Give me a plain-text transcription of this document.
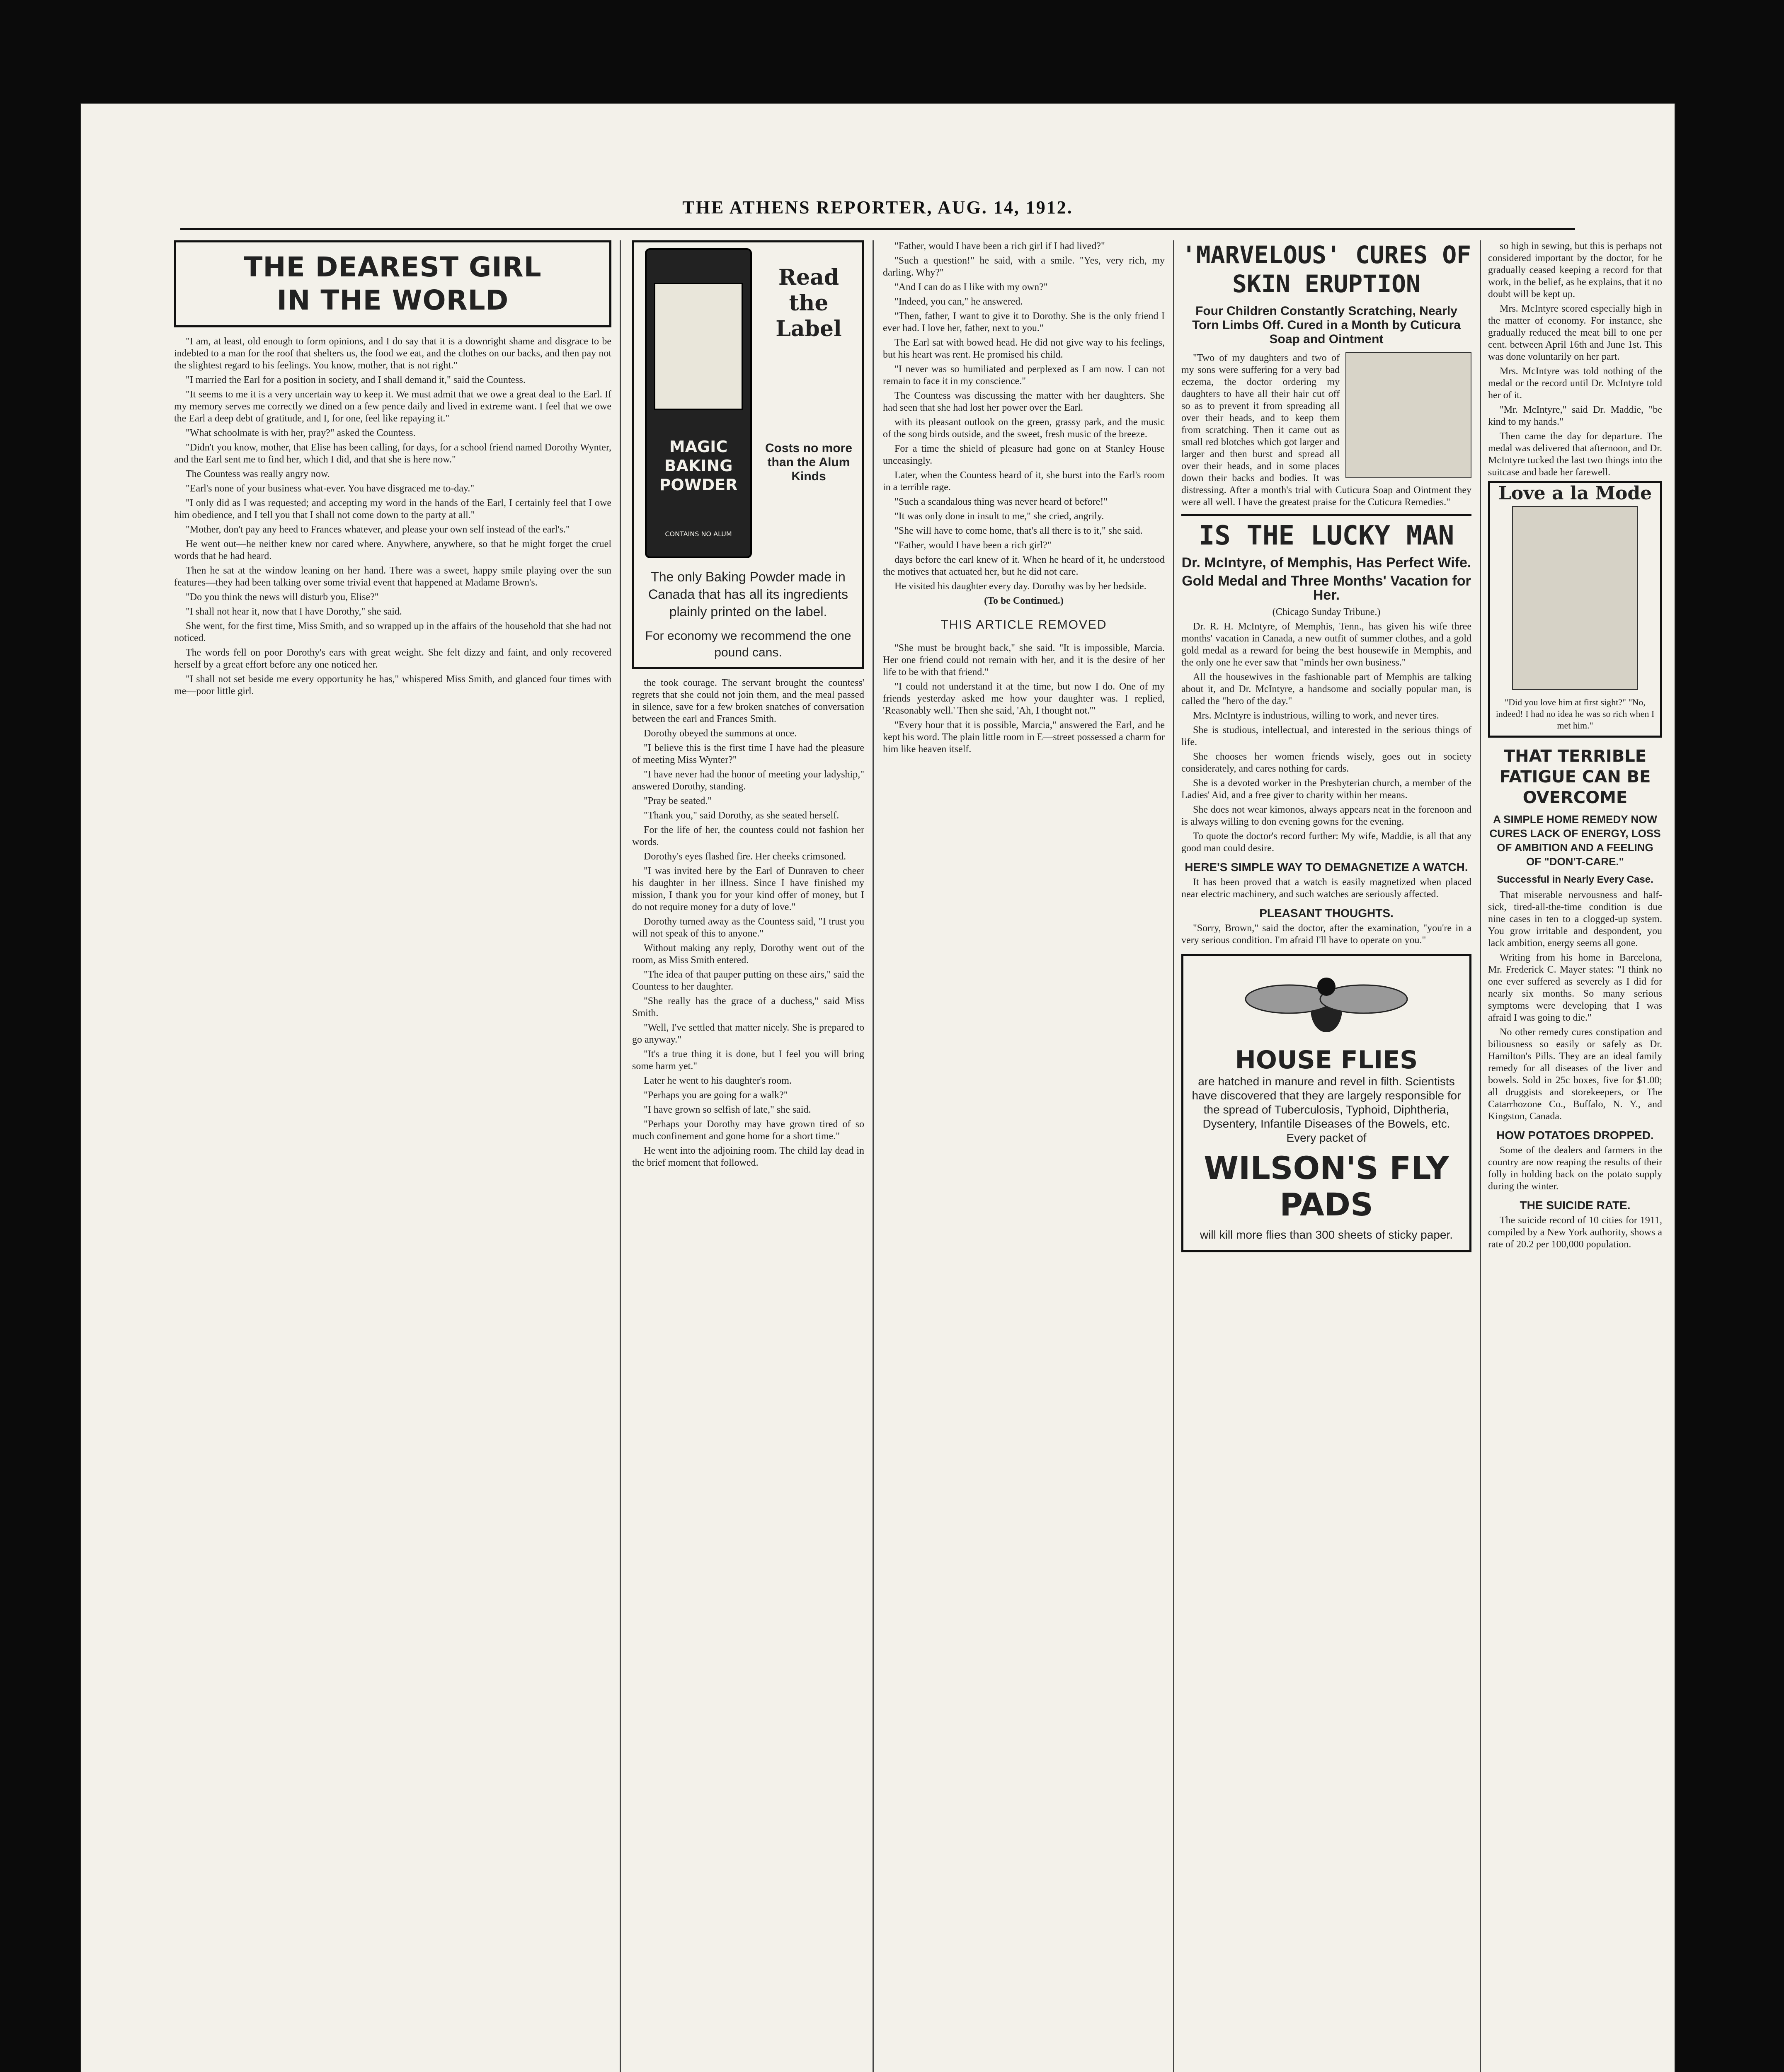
THE ATHENS REPORTER, AUG. 14, 1912.
THE DEAREST GIRL
IN THE WORLD

"I am, at least, old enough to form opinions, and I do say that it is a downright shame and disgrace to be indebted to a man for the roof that shelters us, the food we eat, and the clothes on our backs, and then pay not the slightest regard to his feelings. You know, mother, that is not right."

"I married the Earl for a position in society, and I shall demand it," said the Countess.

"It seems to me it is a very uncertain way to keep it. We must admit that we owe a great deal to the Earl. If my memory serves me correctly we dined on a few pence daily and lived in extreme want. I feel that we owe the Earl a deep debt of gratitude, and I, for one, feel like repaying it."

"What schoolmate is with her, pray?" asked the Countess.

"Didn't you know, mother, that Elise has been calling, for days, for a school friend named Dorothy Wynter, and the Earl sent me to find her, which I did, and that she is here now."

The Countess was really angry now.

"Earl's none of your business what-ever. You have disgraced me to-day."

"I only did as I was requested; and accepting my word in the hands of the Earl, I certainly feel that I owe him obedience, and I tell you that I shall not come down to the party at all."

"Mother, don't pay any heed to Frances whatever, and please your own self instead of the earl's."

He went out—he neither knew nor cared where. Anywhere, anywhere, so that he might forget the cruel words that he had heard.

Then he sat at the window leaning on her hand. There was a sweet, happy smile playing over the sun features—they had been talking over some trivial event that happened at Madame Brown's.

"Do you think the news will disturb you, Elise?"

"I shall not hear it, now that I have Dorothy," she said.

She went, for the first time, Miss Smith, and so wrapped up in the affairs of the household that she had not noticed.

The words fell on poor Dorothy's ears with great weight. She felt dizzy and faint, and only recovered herself by a great effort before any one noticed her.

"I shall not set beside me every opportunity he has," whispered Miss Smith, and glanced four times with me—poor little girl.

MAGIC BAKING POWDER
CONTAINS NO ALUM
Read the Label
Costs no more than the Alum Kinds
The only Baking Powder made in Canada that has all its ingredients plainly printed on the label.
For economy we recommend the one pound cans.

the took courage. The servant brought the countess' regrets that she could not join them, and the meal passed in silence, save for a few broken snatches of conversation between the earl and Frances Smith.

Dorothy obeyed the summons at once.

"I believe this is the first time I have had the pleasure of meeting Miss Wynter?"

"I have never had the honor of meeting your ladyship," answered Dorothy, standing.

"Pray be seated."

"Thank you," said Dorothy, as she seated herself.

For the life of her, the countess could not fashion her words.

Dorothy's eyes flashed fire. Her cheeks crimsoned.

"I was invited here by the Earl of Dunraven to cheer his daughter in her illness. Since I have finished my mission, I thank you for your kind offer of money, but I do not require money for a duty of love."

Dorothy turned away as the Countess said, "I trust you will not speak of this to anyone."

Without making any reply, Dorothy went out of the room, as Miss Smith entered.

"The idea of that pauper putting on these airs," said the Countess to her daughter.

"She really has the grace of a duchess," said Miss Smith.

"Well, I've settled that matter nicely. She is prepared to go anyway."

"It's a true thing it is done, but I feel you will bring some harm yet."

Later he went to his daughter's room.

"Perhaps you are going for a walk?"

"I have grown so selfish of late," she said.

"Perhaps your Dorothy may have grown tired of so much confinement and gone home for a short time."

He went into the adjoining room. The child lay dead in the brief moment that followed.

"Father, would I have been a rich girl if I had lived?"

"Such a question!" he said, with a smile. "Yes, very rich, my darling. Why?"

"And I can do as I like with my own?"

"Indeed, you can," he answered.

"Then, father, I want to give it to Dorothy. She is the only friend I ever had. I love her, father, next to you."

The Earl sat with bowed head. He did not give way to his feelings, but his heart was rent. He promised his child.

"I never was so humiliated and perplexed as I am now. I can not remain to face it in my conscience."

The Countess was discussing the matter with her daughters. She had seen that she had lost her power over the Earl.

with its pleasant outlook on the green, grassy park, and the music of the song birds outside, and the sweet, fresh music of the breeze.

For a time the shield of pleasure had gone on at Stanley House unceasingly.

Later, when the Countess heard of it, she burst into the Earl's room in a terrible rage.

"Such a scandalous thing was never heard of before!"

"It was only done in insult to me," she cried, angrily.

"She will have to come home, that's all there is to it," she said.

"Father, would I have been a rich girl?"

days before the earl knew of it. When he heard of it, he understood the motives that actuated her, but he did not care.

He visited his daughter every day. Dorothy was by her bedside.

(To be Continued.)

THIS ARTICLE REMOVED

"She must be brought back," she said. "It is impossible, Marcia. Her one friend could not remain with her, and it is the desire of her life to be with that friend."

"I could not understand it at the time, but now I do. One of my friends yesterday asked me how your daughter was. I replied, 'Reasonably well.' Then she said, 'Ah, I thought not.'"

"Every hour that it is possible, Marcia," answered the Earl, and he kept his word. The plain little room in E—street possessed a charm for him like heaven itself.

'MARVELOUS' CURES OF SKIN ERUPTION
Four Children Constantly Scratching, Nearly Torn Limbs Off. Cured in a Month by Cuticura Soap and Ointment

"Two of my daughters and two of my sons were suffering for a very bad eczema, the doctor ordering my daughters to have all their hair cut off so as to prevent it from spreading all over their heads, and to keep them from scratching. Then it came out as small red blotches which got larger and larger and then burst and spread all over their heads, and in some places down their backs and bodies. It was distressing. After a month's trial with Cuticura Soap and Ointment they were all well. I have the greatest praise for the Cuticura Remedies."

IS THE LUCKY MAN
Dr. McIntyre, of Memphis, Has Perfect Wife.
Gold Medal and Three Months' Vacation for Her.

(Chicago Sunday Tribune.)

Dr. R. H. McIntyre, of Memphis, Tenn., has given his wife three months' vacation in Canada, a new outfit of summer clothes, and a gold gold medal as a reward for being the best housewife in Memphis, and the only one he ever saw that "minds her own business."

All the housewives in the fashionable part of Memphis are talking about it, and Dr. McIntyre, a handsome and socially popular man, is called the "hero of the day."

Mrs. McIntyre is industrious, willing to work, and never tires.

She is studious, intellectual, and interested in the serious things of life.

She chooses her women friends wisely, goes out in society considerately, and cares nothing for cards.

She is a devoted worker in the Presbyterian church, a member of the Ladies' Aid, and a free giver to charity within her means.

She does not wear kimonos, always appears neat in the forenoon and is always willing to don evening gowns for the evening.

To quote the doctor's record further: My wife, Maddie, is all that any good man could desire.

HERE'S SIMPLE WAY TO DEMAGNETIZE A WATCH.

It has been proved that a watch is easily magnetized when placed near electric machinery, and such watches are seriously affected.

PLEASANT THOUGHTS.

"Sorry, Brown," said the doctor, after the examination, "you're in a very serious condition. I'm afraid I'll have to operate on you."

HOUSE FLIES
are hatched in manure and revel in filth. Scientists have discovered that they are largely responsible for the spread of Tuberculosis, Typhoid, Diphtheria, Dysentery, Infantile Diseases of the Bowels, etc. Every packet of
WILSON'S FLY PADS
will kill more flies than 300 sheets of sticky paper.

so high in sewing, but this is perhaps not considered important by the doctor, for he gradually ceased keeping a record for that work, in the belief, as he explains, that it no doubt will be kept up.

Mrs. McIntyre scored especially high in the matter of economy. For instance, she gradually reduced the meat bill to one per cent. between April 16th and June 1st. This was done voluntarily on her part.

Mrs. McIntyre was told nothing of the medal or the record until Dr. McIntyre told her of it.

"Mr. McIntyre," said Dr. Maddie, "be kind to my hands."

Then came the day for departure. The medal was delivered that afternoon, and Dr. McIntyre tucked the last two things into the suitcase and bade her farewell.

Love a la Mode
"Did you love him at first sight?" "No, indeed! I had no idea he was so rich when I met him."
THAT TERRIBLE FATIGUE CAN BE OVERCOME
A SIMPLE HOME REMEDY NOW CURES LACK OF ENERGY, LOSS OF AMBITION AND A FEELING OF "DON'T-CARE."
Successful in Nearly Every Case.

That miserable nervousness and half-sick, tired-all-the-time condition is due nine cases in ten to a clogged-up system. You grow irritable and despondent, you lack ambition, energy seems all gone.

Writing from his home in Barcelona, Mr. Frederick C. Mayer states: "I think no one ever suffered as severely as I did for nearly six months. So many serious symptoms were developing that I was afraid I was going to die."

No other remedy cures constipation and biliousness so easily or safely as Dr. Hamilton's Pills. They are an ideal family remedy for all diseases of the liver and bowels. Sold in 25c boxes, five for $1.00; all druggists and storekeepers, or The Catarrhozone Co., Buffalo, N. Y., and Kingston, Canada.

HOW POTATOES DROPPED.

Some of the dealers and farmers in the country are now reaping the results of their folly in holding back on the potato supply during the winter.

THE SUICIDE RATE.

The suicide record of 10 cities for 1911, compiled by a New York authority, shows a rate of 20.2 per 100,000 population.
